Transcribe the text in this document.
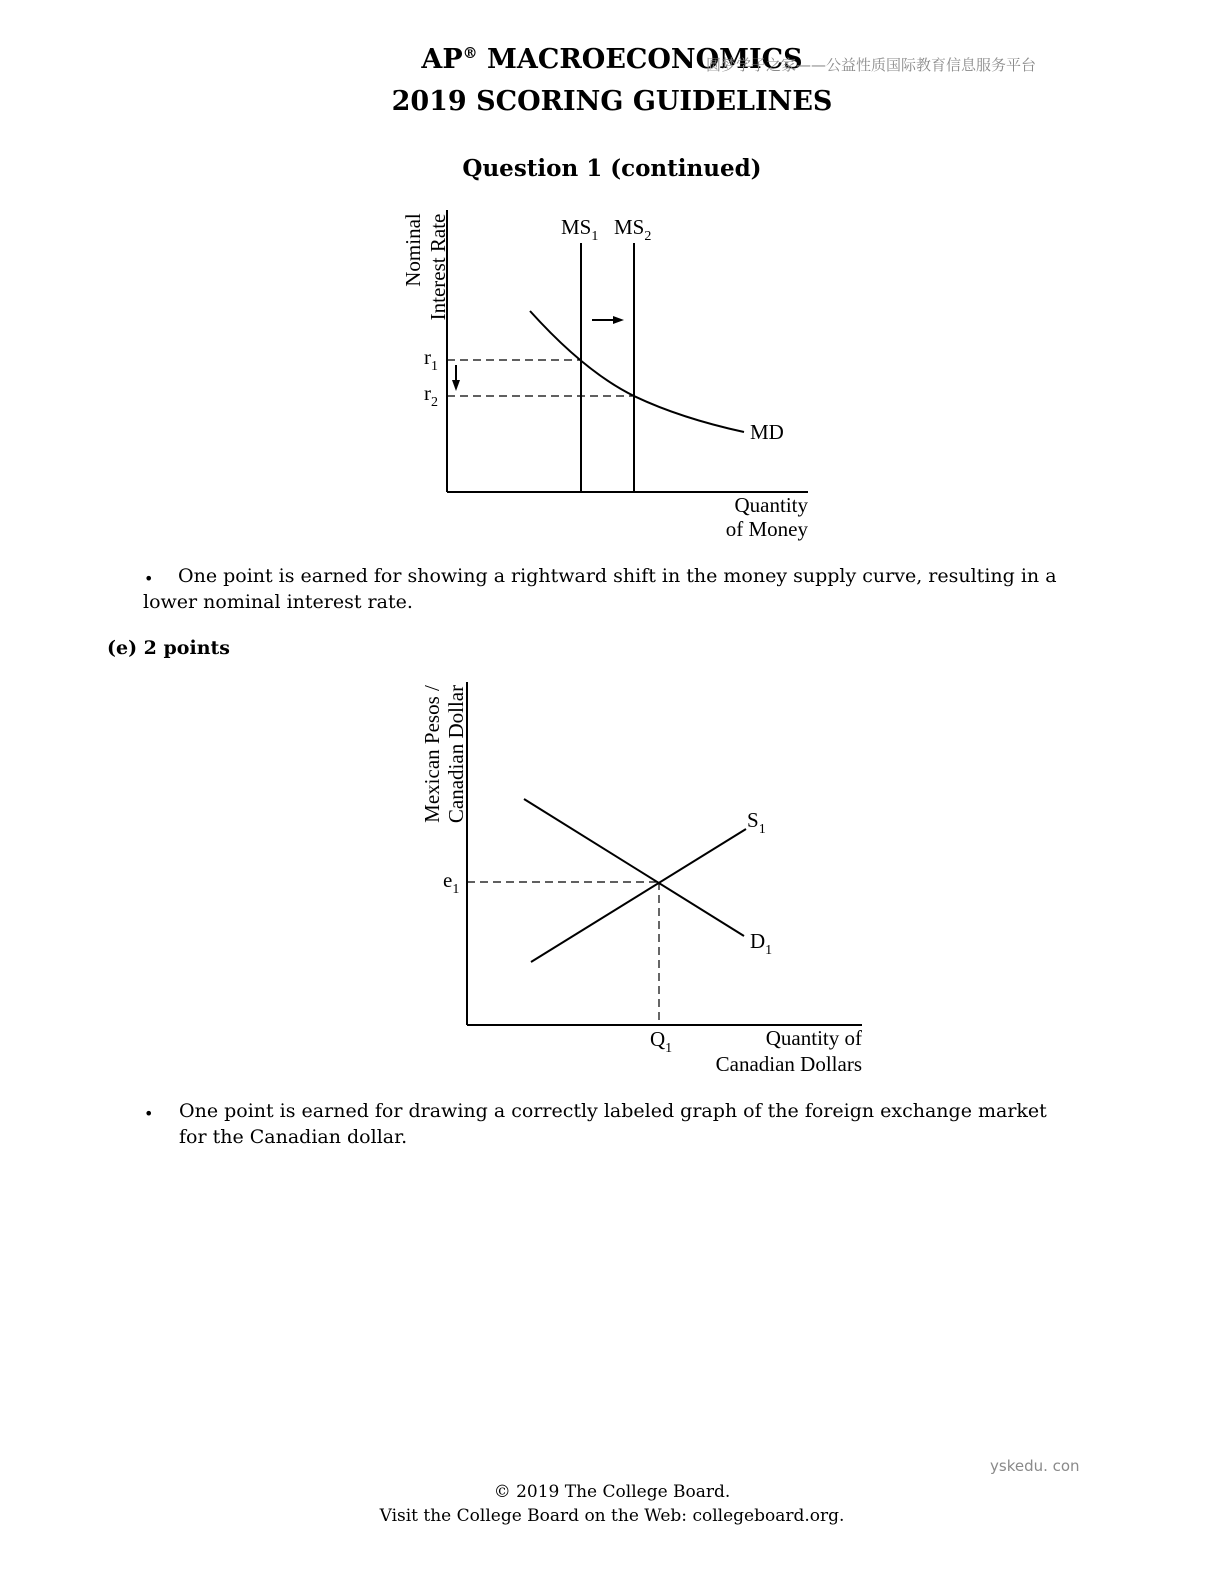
AP® MACROECONOMICS
圆梦学子之家——公益性质国际教育信息服务平台
2019 SCORING GUIDELINES
Question 1 (continued)
Nominal Interest Rate
Quantity
of Money
$MS_1$ $MS_2$
MD
$r_1$
$r_2$
•	One point is earned for showing a rightward shift in the money supply curve, resulting in a lower nominal interest rate.
(e) 2 points
Mexican Pesos / Canadian Dollar
Quantity of
Canadian Dollars
$S_1$
$D_1$
$e_1$
$Q_1$
• One point is earned for drawing a correctly labeled graph of the foreign exchange market for the Canadian dollar.
yskedu. con
© 2019 The College Board.
Visit the College Board on the Web: collegeboard.org.
